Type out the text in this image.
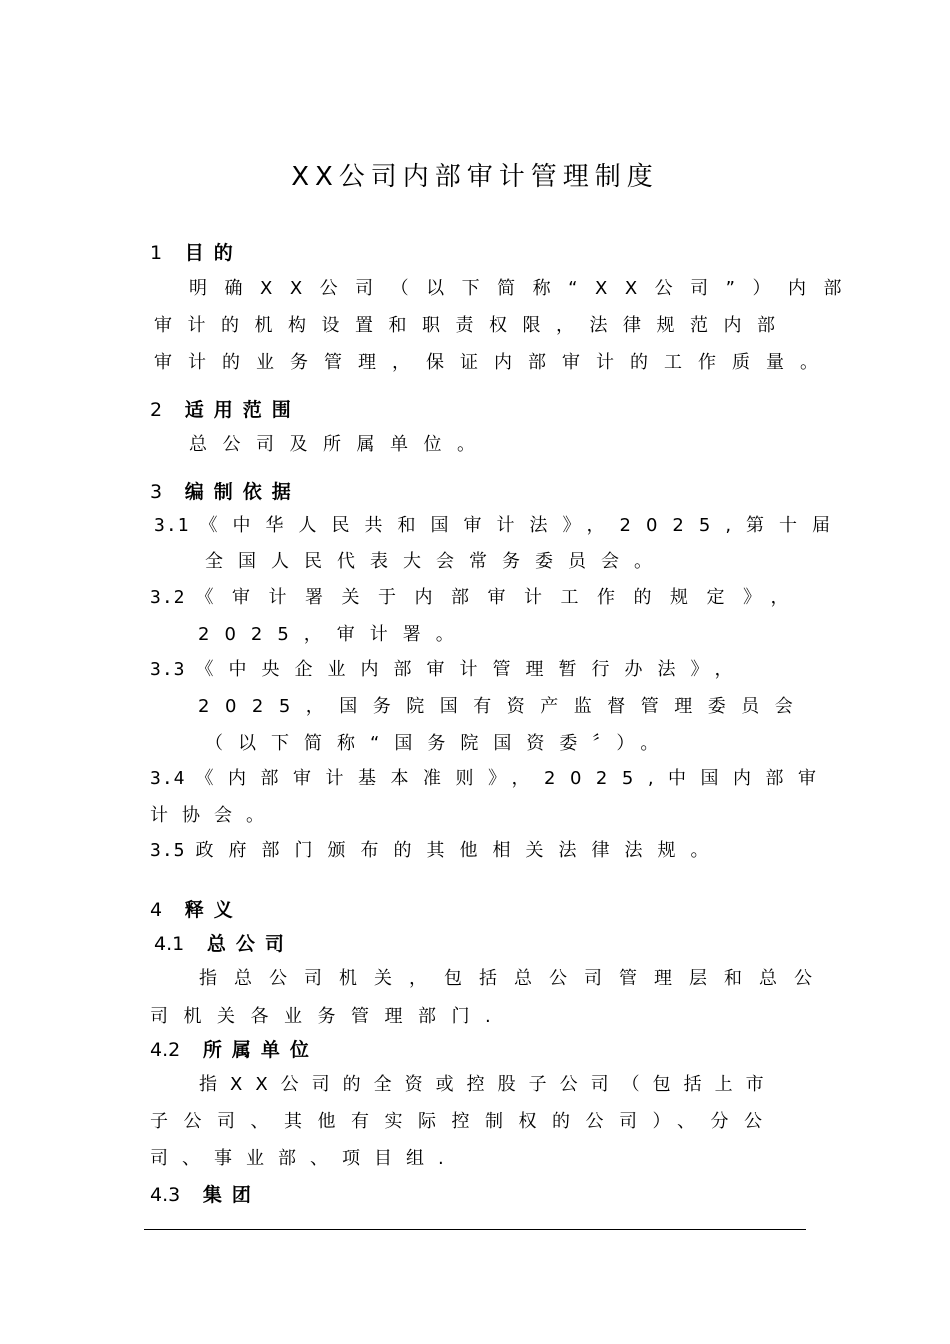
XX公司内部审计管理制度
1 目的
明确XX公司（以下简称“XX公司”）内部
审计的机构设置和职责权限，法律规范内部
审计的业务管理，保证内部审计的工作质量。
2 适用范围
总公司及所属单位。
3 编制依据
3.1 《中华人民共和国审计法》，2025,第十届
全国人民代表大会常务委员会。
3.2 《审计署关于内部审计工作的规定》，
2025，审计署。
3.3 《中央企业内部审计管理暂行办法》，
2025，国务院国有资产监督管理委员会
（以下简称“国务院国资委〞）。
3.4 《内部审计基本准则》，2025,中国内部审
计协会。
3.5 政府部门颁布的其他相关法律法规。
4 释义
4.1 总公司
指总公司机关，包括总公司管理层和总公
司机关各业务管理部门.
4.2 所属单位
指XX公司的全资或控股子公司（包括上市
子公司、其他有实际控制权的公司）、分公
司、事业部、项目组.
4.3 集团
